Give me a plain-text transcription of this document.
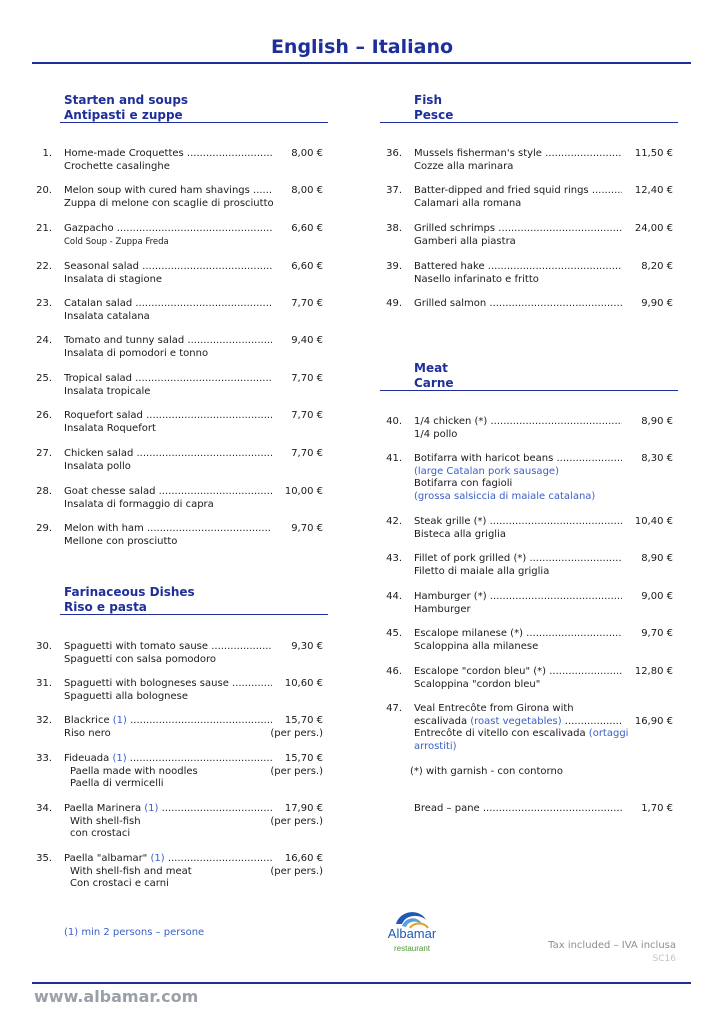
English – Italiano
Starten and soups
Antipasti e zuppe
1. Home-made Croquettes .....	8,00 €
Crochette casalinghe
20. Melon soup with cured ham shavings .....	8,00 €
Zuppa di melone con scaglie di prosciutto
21. Gazpacho .....	6,60 €
Cold Soup - Zuppa Freda
22. Seasonal salad .....	6,60 €
Insalata di stagione
23. Catalan salad .....	7,70 €
Insalata catalana
24. Tomato and tunny salad .....	9,40 €
Insalata di pomodori e tonno
25. Tropical salad .....	7,70 €
Insalata tropicale
26. Roquefort salad .....	7,70 €
Insalata Roquefort
27. Chicken salad .....	7,70 €
Insalata pollo
28. Goat chesse salad .....	10,00 €
Insalata di formaggio di capra
29. Melon with ham .....	9,70 €
Mellone con prosciutto
30. Spaguetti with tomato sause .....	9,30 €
Spaguetti con salsa pomodoro
31. Spaguetti with bologneses sause .....	10,60 €
Spaguetti alla bolognese
32. Blackrice (1) .....	15,70 €
Riso nero	(per pers.)
33. Fideuada (1) .....	15,70 €
Paella made with noodles	(per pers.)
Paella di vermicelli
34. Paella Marinera (1) .....	17,90 €
With shell-fish	(per pers.)
con crostaci
35. Paella "albamar" (1) .....	16,60 €
With shell-fish and meat	(per pers.)
Con crostaci e carni
Farinaceous Dishes
Riso e pasta
Fish
Pesce
Meat
Carne
36. Mussels fisherman's style .....	11,50 €
Cozze alla marinara
37. Batter-dipped and fried squid rings .....	12,40 €
Calamari alla romana
38. Grilled schrimps .....	24,00 €
Gamberi alla piastra
39. Battered hake .....	8,20 €
Nasello infarinato e fritto
49. Grilled salmon .....	9,90 €
40. 1/4 chicken (*) .....	8,90 €
1/4 pollo
41. Botifarra with haricot beans .....	8,30 €
(large Catalan pork sausage)
Botifarra con fagioli
(grossa salsiccia di maiale catalana)
42. Steak grille (*) .....	10,40 €
Bisteca alla griglia
43. Fillet of pork grilled (*) .....	8,90 €
Filetto di maiale alla griglia
44. Hamburger (*) .....	9,00 €
Hamburger
45. Escalope milanese (*) .....	9,70 €
Scaloppina alla milanese
46. Escalope "cordon bleu" (*) .....	12,80 €
Scaloppina "cordon bleu"
47. Veal Entrecôte from Girona with
escalivada (roast vegetables) .....	16,90 €
Entrecôte di vitello con escalivada (ortaggi
arrostiti)
Bread – pane .....	1,70 €
(*) with garnish - con contorno
(1) min 2 persons – persone	Albamar
restaurant	Tax included – IVA inclusa
SC16
www.albamar.com
